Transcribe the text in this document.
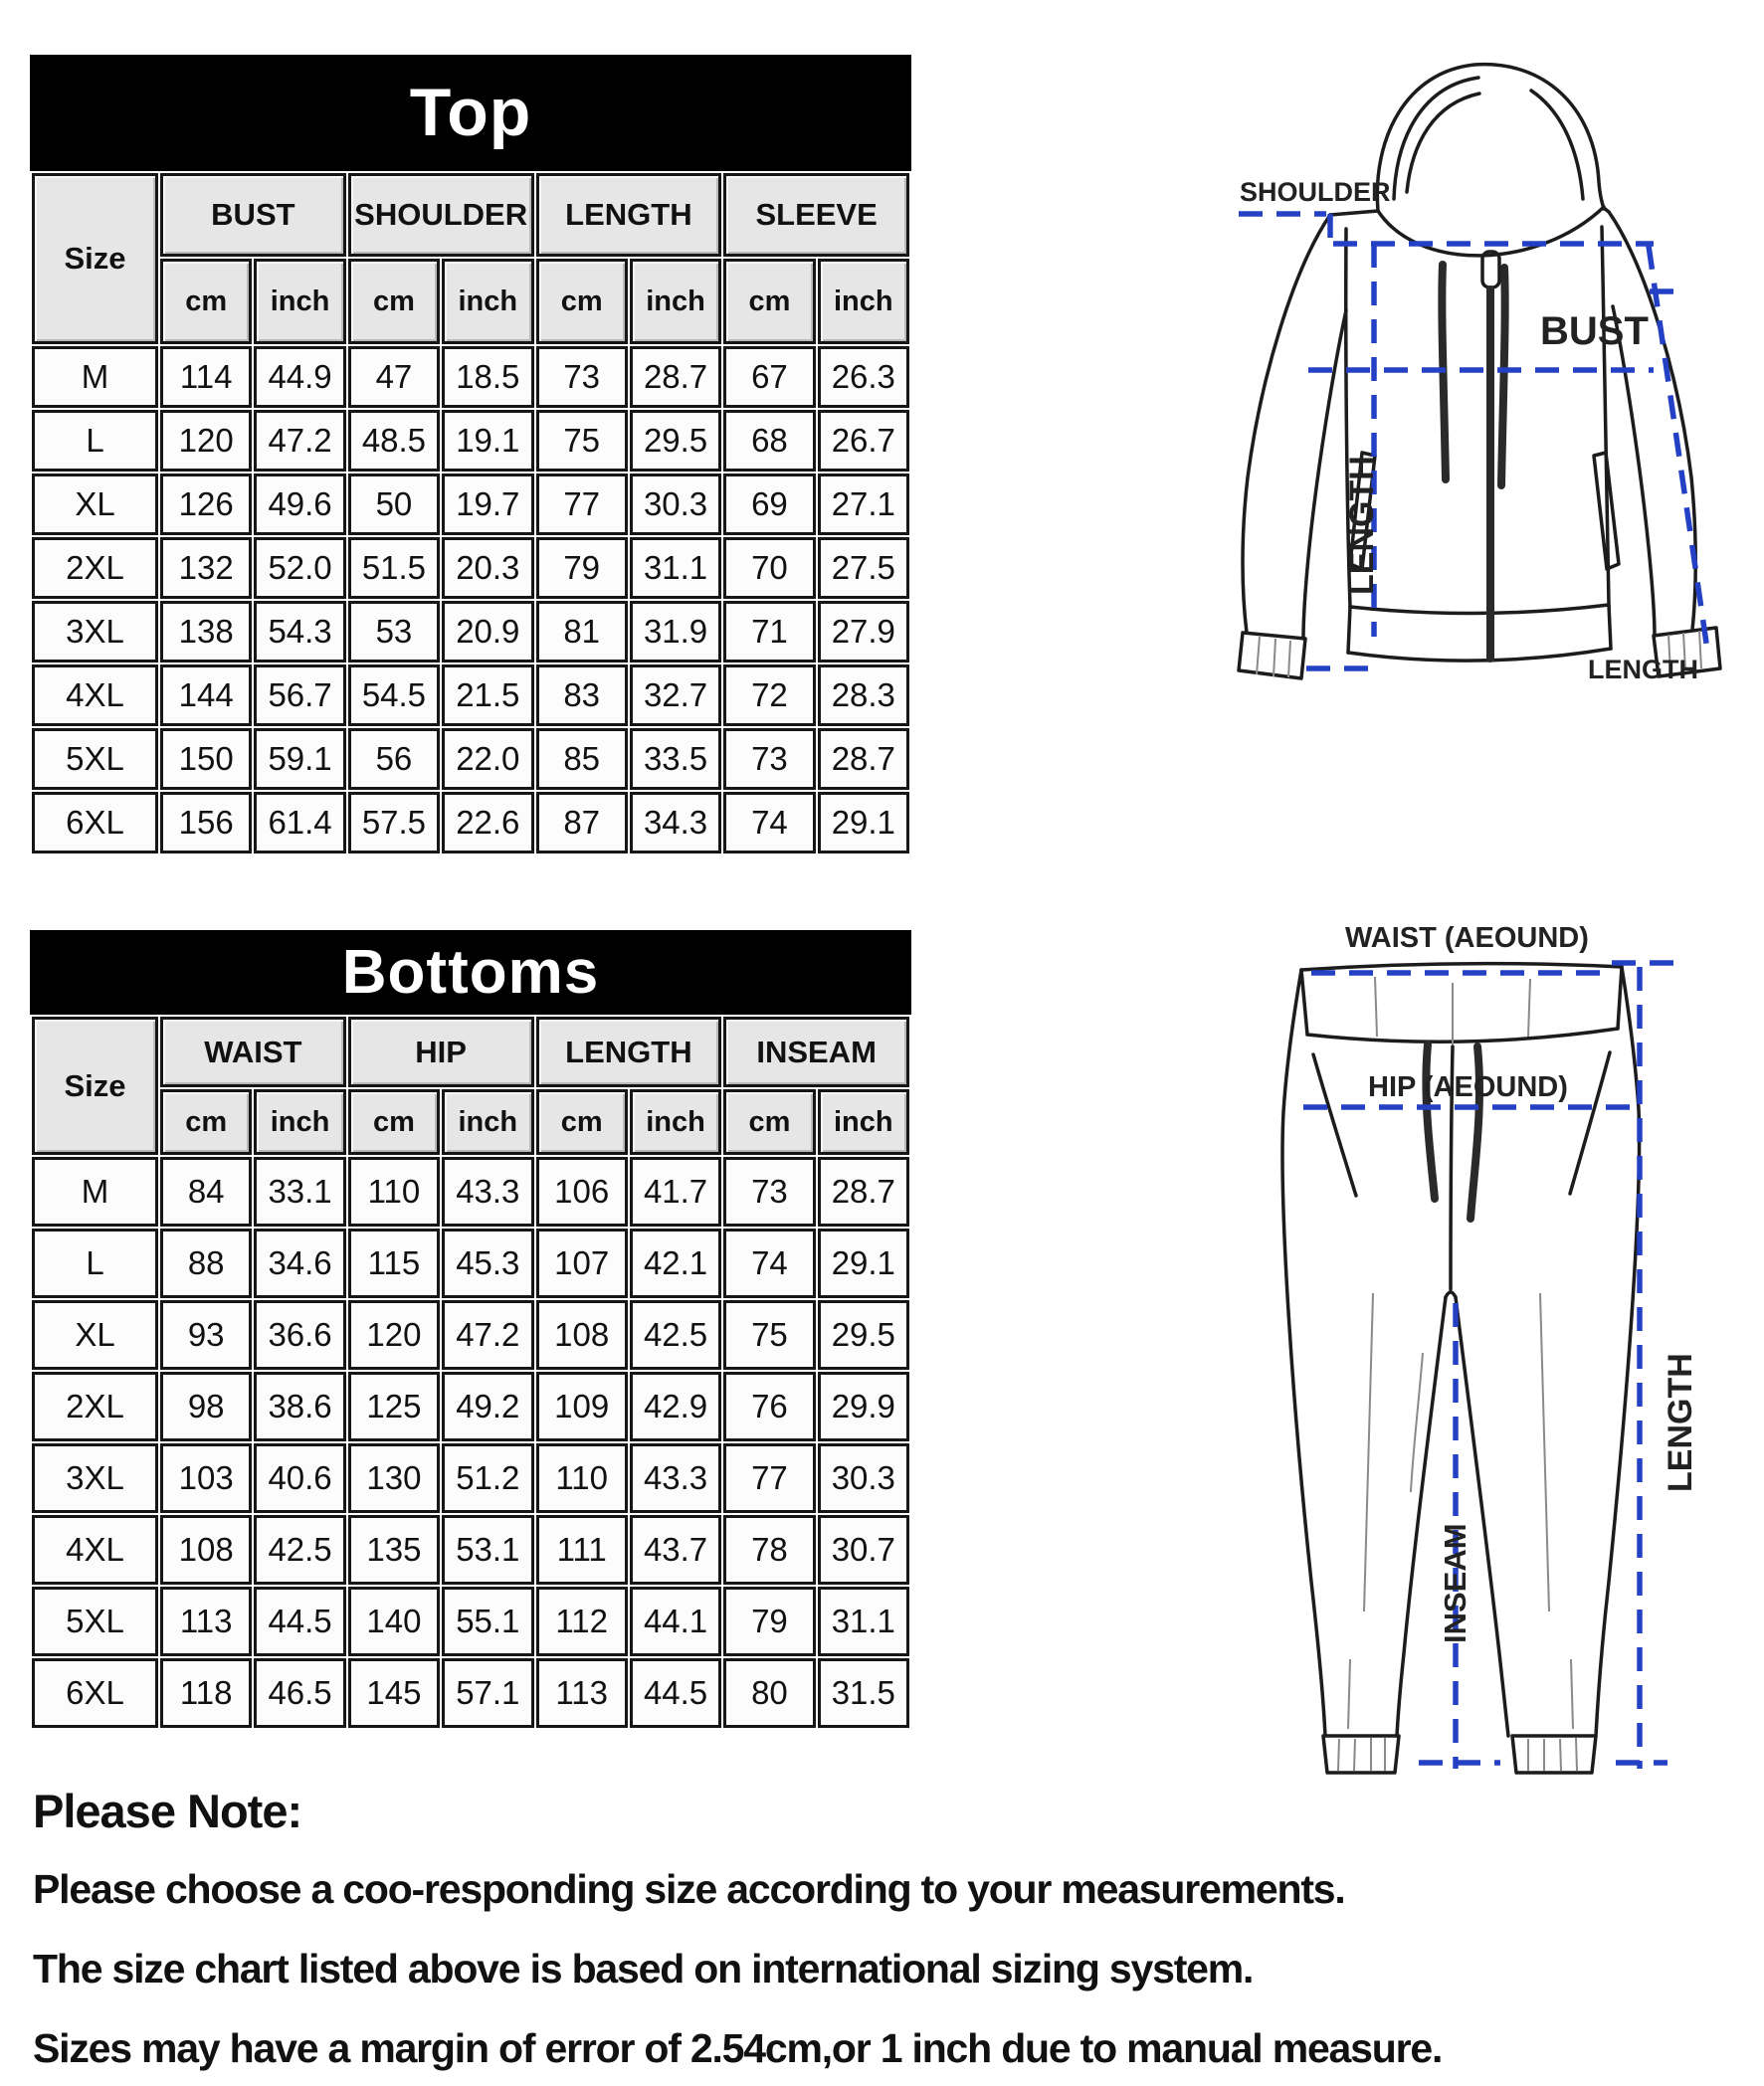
Top
Size	BUST		SHOULDER		LENGTH		SLEEVE	
	cm	inch	cm	inch	cm	inch	cm	inch
M	114	44.9	47	18.5	73	28.7	67	26.3
L	120	47.2	48.5	19.1	75	29.5	68	26.7
XL	126	49.6	50	19.7	77	30.3	69	27.1
2XL	132	52.0	51.5	20.3	79	31.1	70	27.5
3XL	138	54.3	53	20.9	81	31.9	71	27.9
4XL	144	56.7	54.5	21.5	83	32.7	72	28.3
5XL	150	59.1	56	22.0	85	33.5	73	28.7
6XL	156	61.4	57.5	22.6	87	34.3	74	29.1
SHOULDER
BUST
LENGTH
LENGTH
Bottoms
Size	WAIST		HIP		LENGTH		INSEAM	
	cm	inch	cm	inch	cm	inch	cm	inch
M	84	33.1	110	43.3	106	41.7	73	28.7
L	88	34.6	115	45.3	107	42.1	74	29.1
XL	93	36.6	120	47.2	108	42.5	75	29.5
2XL	98	38.6	125	49.2	109	42.9	76	29.9
3XL	103	40.6	130	51.2	110	43.3	77	30.3
4XL	108	42.5	135	53.1	111	43.7	78	30.7
5XL	113	44.5	140	55.1	112	44.1	79	31.1
6XL	118	46.5	145	57.1	113	44.5	80	31.5
WAIST (AEOUND)
HIP (AEOUND)
LENGTH
INSEAM
Please Note:
Please choose a coo-responding size according to your measurements.
The size chart listed above is based on international sizing system.
Sizes may have a margin of error of 2.54cm,or 1 inch due to manual measure.
